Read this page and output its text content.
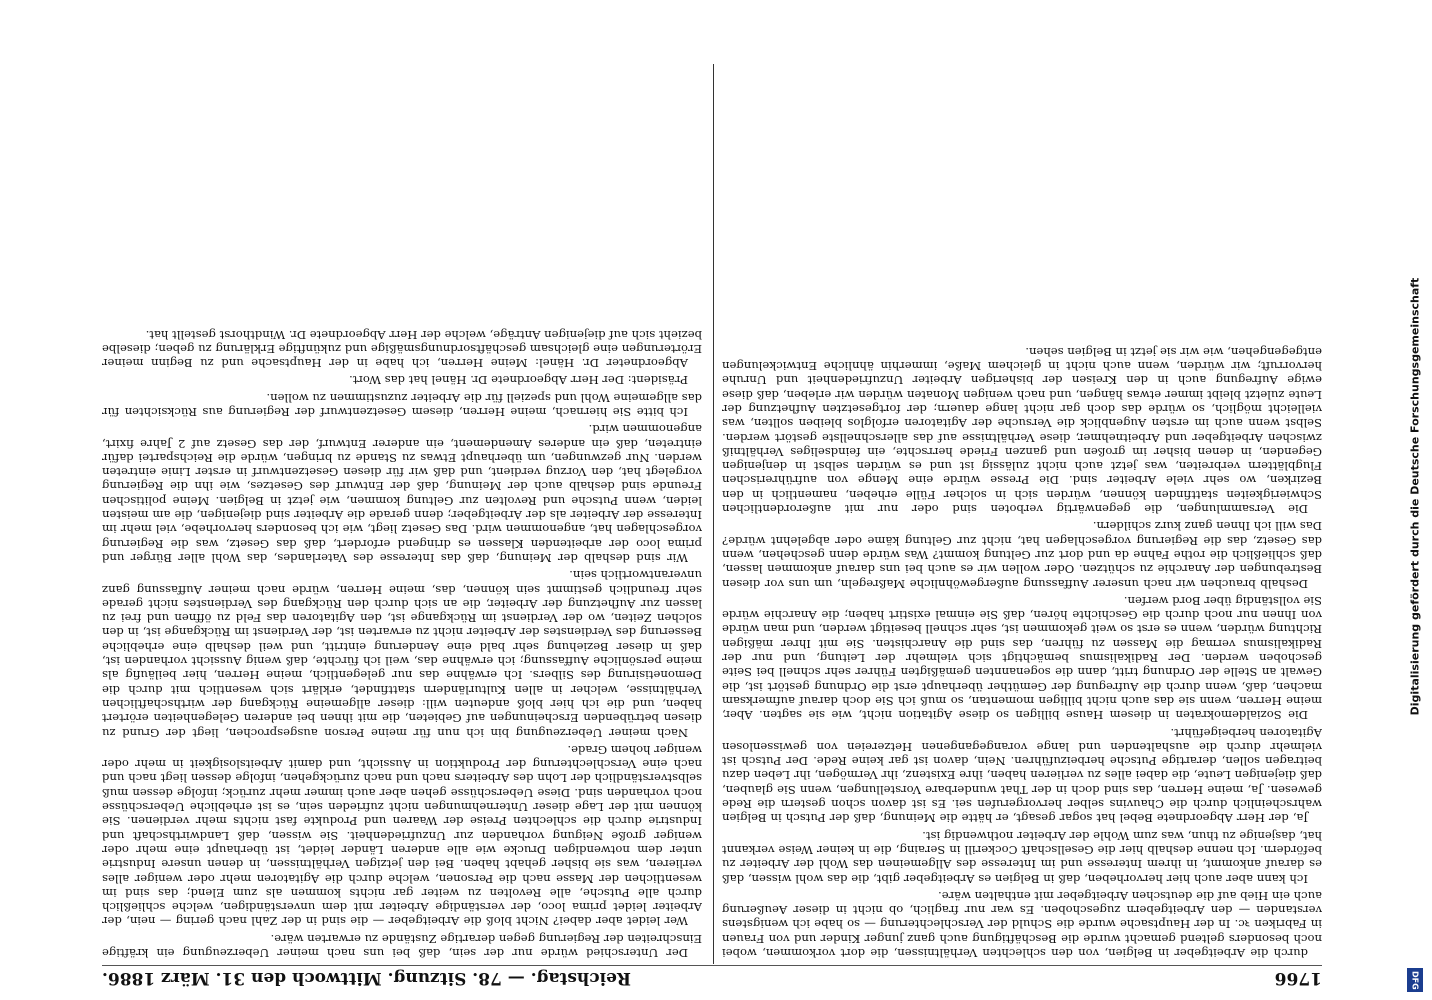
1766
Reichstag. — 78. Sitzung. Mittwoch den 31. März 1886.

durch die Arbeitgeber in Belgien, von den schlechten Verhältnissen, die dort vorkommen, wobei noch besonders geltend gemacht wurde die Beschäftigung auch ganz junger Kinder und von Frauen in Fabriken ꝛc. In der Hauptsache wurde die Schuld der Verschlechterung — so habe ich wenigstens verstanden — den Arbeitgebern zugeschoben. Es war nur fraglich, ob nicht in dieser Aeußerung auch ein Hieb auf die deutschen Arbeitgeber mit enthalten wäre.

Ich kann aber auch hier hervorheben, daß in Belgien es Arbeitgeber gibt, die das wohl wissen, daß es darauf ankommt, in ihrem Interesse und im Interesse des Allgemeinen das Wohl der Arbeiter zu befördern. Ich nenne deshalb hier die Gesellschaft Cockerill in Seraing, die in keiner Weise verkannt hat, dasjenige zu thun, was zum Wohle der Arbeiter nothwendig ist.

Ja, der Herr Abgeordnete Bebel hat sogar gesagt, er hätte die Meinung, daß der Putsch in Belgien wahrscheinlich durch die Chauvins selber hervorgerufen sei. Es ist davon schon gestern die Rede gewesen. Ja, meine Herren, das sind doch in der That wunderbare Vorstellungen, wenn Sie glauben, daß diejenigen Leute, die dabei alles zu verlieren haben, ihre Existenz, ihr Vermögen, ihr Leben dazu beitragen sollen, derartige Putsche herbeizuführen. Nein, davon ist gar keine Rede. Der Putsch ist vielmehr durch die aushaltenden und lange vorangegangenen Hetzereien von gewissenlosen Agitatoren herbeigeführt.

Die Sozialdemokraten in diesem Hause billigen so diese Agitation nicht, wie sie sagten. Aber, meine Herren, wenn sie das auch nicht billigen momentan, so muß ich Sie doch darauf aufmerksam machen, daß, wenn durch die Aufregung der Gemüther überhaupt erst die Ordnung gestört ist, die Gewalt an Stelle der Ordnung tritt, dann die sogenannten gemäßigten Führer sehr schnell bei Seite geschoben werden. Der Radikalismus bemächtigt sich vielmehr der Leitung, und nur der Radikalismus vermag die Massen zu führen, das sind die Anarchisten. Sie mit Ihrer mäßigen Richtung würden, wenn es erst so weit gekommen ist, sehr schnell beseitigt werden, und man würde von Ihnen nur noch durch die Geschichte hören, daß Sie einmal existirt haben; die Anarchie würde Sie vollständig über Bord werfen.

Deshalb brauchen wir nach unserer Auffassung außergewöhnliche Maßregeln, um uns vor diesen Bestrebungen der Anarchie zu schützen. Oder wollen wir es auch bei uns darauf ankommen lassen, daß schließlich die rothe Fahne da und dort zur Geltung kommt? Was würde denn geschehen, wenn das Gesetz, das die Regierung vorgeschlagen hat, nicht zur Geltung käme oder abgelehnt würde? Das will ich Ihnen ganz kurz schildern.

Die Versammlungen, die gegenwärtig verboten sind oder nur mit außerordentlichen Schwierigkeiten stattfinden können, würden sich in solcher Fülle erheben, namentlich in den Bezirken, wo sehr viele Arbeiter sind. Die Presse würde eine Menge von aufrührerischen Flugblättern verbreiten, was jetzt auch nicht zulässig ist und es würden selbst in denjenigen Gegenden, in denen bisher im großen und ganzen Friede herrschte, ein feindseliges Verhältniß zwischen Arbeitgeber und Arbeitnehmer, diese Verhältnisse auf das allerschnellste gestört werden. Selbst wenn auch im ersten Augenblick die Versuche der Agitatoren erfolglos bleiben sollten, was vielleicht möglich, so würde das doch gar nicht lange dauern; der fortgesetzten Aufhetzung der Leute zuletzt bleibt immer etwas hängen, und nach wenigen Monaten würden wir erleben, daß diese ewige Aufregung auch in den Kreisen der bisherigen Arbeiter Unzufriedenheit und Unruhe hervorruft; wir würden, wenn auch nicht in gleichem Maße, immerhin ähnliche Entwickelungen entgegengehen, wie wir sie jetzt in Belgien sehen.

Der Unterschied würde nur der sein, daß bei uns nach meiner Ueberzeugung ein kräftige Einschreiten der Regierung gegen derartige Zustände zu erwarten wäre.

Wer leidet aber dabei? Nicht bloß die Arbeitgeber — die sind in der Zahl nach gering — nein, der Arbeiter leidet prima loco, der verständige Arbeiter mit dem unverständigen, welche schließlich durch alle Putsche, alle Revolten zu weiter gar nichts kommen als zum Elend; das sind im wesentlichen der Masse nach die Personen, welche durch die Agitatoren mehr oder weniger alles verlieren, was sie bisher gehabt haben. Bei den jetzigen Verhältnissen, in denen unsere Industrie unter dem notwendigen Drucke wie alle anderen Länder leidet, ist überhaupt eine mehr oder weniger große Neigung vorhanden zur Unzufriedenheit. Sie wissen, daß Landwirthschaft und Industrie durch die schlechten Preise der Waaren und Produkte fast nichts mehr verdienen. Sie können mit der Lage dieser Unternehmungen nicht zufrieden sein, es ist erhebliche Ueberschüsse noch vorhanden sind. Diese Ueberschüsse gehen aber auch immer mehr zurück; infolge dessen muß selbstverständlich der Lohn des Arbeiters nach und nach zurückgehen, infolge dessen liegt nach und nach eine Verschlechterung der Produktion in Aussicht, und damit Arbeitslosigkeit in mehr oder weniger hohem Grade.

Nach meiner Ueberzeugung bin ich nun für meine Person ausgesprochen, liegt der Grund zu diesen betrübenden Erscheinungen auf Gebieten, die mit ihnen bei anderen Gelegenheiten erörtert haben, und die ich hier bloß andeuten will: dieser allgemeine Rückgang der wirthschaftlichen Verhältnisse, welcher in allen Kulturländern stattfindet, erklärt sich wesentlich mit durch die Demonetisirung des Silbers. Ich erwähne das nur gelegentlich, meine Herren, hier beiläufig als meine persönliche Auffassung; ich erwähne das, weil ich fürchte, daß wenig Aussicht vorhanden ist, daß in dieser Beziehung sehr bald eine Aenderung eintritt, und weil deshalb eine erhebliche Besserung des Verdienstes der Arbeiter nicht zu erwarten ist, der Verdienst im Rückgange ist, in den solchen Zeiten, wo der Verdienst im Rückgange ist, den Agitatoren das Feld zu öffnen und frei zu lassen zur Aufhetzung der Arbeiter, die an sich durch den Rückgang des Verdienstes nicht gerade sehr freundlich gestimmt sein können, das, meine Herren, würde nach meiner Auffassung ganz unverantwortlich sein.

Wir sind deshalb der Meinung, daß das Interesse des Vaterlandes, das Wohl aller Bürger und prima loco der arbeitenden Klassen es dringend erfordert, daß das Gesetz, was die Regierung vorgeschlagen hat, angenommen wird. Das Gesetz liegt, wie ich besonders hervorhebe, viel mehr im Interesse der Arbeiter als der Arbeitgeber; denn gerade die Arbeiter sind diejenigen, die am meisten leiden, wenn Putsche und Revolten zur Geltung kommen, wie jetzt in Belgien. Meine politischen Freunde sind deshalb auch der Meinung, daß der Entwurf des Gesetzes, wie ihn die Regierung vorgelegt hat, den Vorzug verdient, und daß wir für diesen Gesetzentwurf in erster Linie eintreten werden. Nur gezwungen, um überhaupt Etwas zu Stande zu bringen, würde die Reichspartei dafür eintreten, daß ein anderes Amendement, ein anderer Entwurf, der das Gesetz auf 2 Jahre fixirt, angenommen wird.

Ich bitte Sie hiernach, meine Herren, diesem Gesetzentwurf der Regierung aus Rücksichten für das allgemeine Wohl und speziell für die Arbeiter zuzustimmen zu wollen.

Präsident: Der Herr Abgeordnete Dr. Hänel hat das Wort.

Abgeordneter Dr. Hänel: Meine Herren, ich habe in der Hauptsache und zu Beginn meiner Erörterungen eine gleichsam geschäftsordnungsmäßige und zukünftige Erklärung zu geben; dieselbe bezieht sich auf diejenigen Anträge, welche der Herr Abgeordnete Dr. Windthorst gestellt hat.	Digitalisierung gefördert durch die Deutsche Forschungsgemeinschaft
DFG
